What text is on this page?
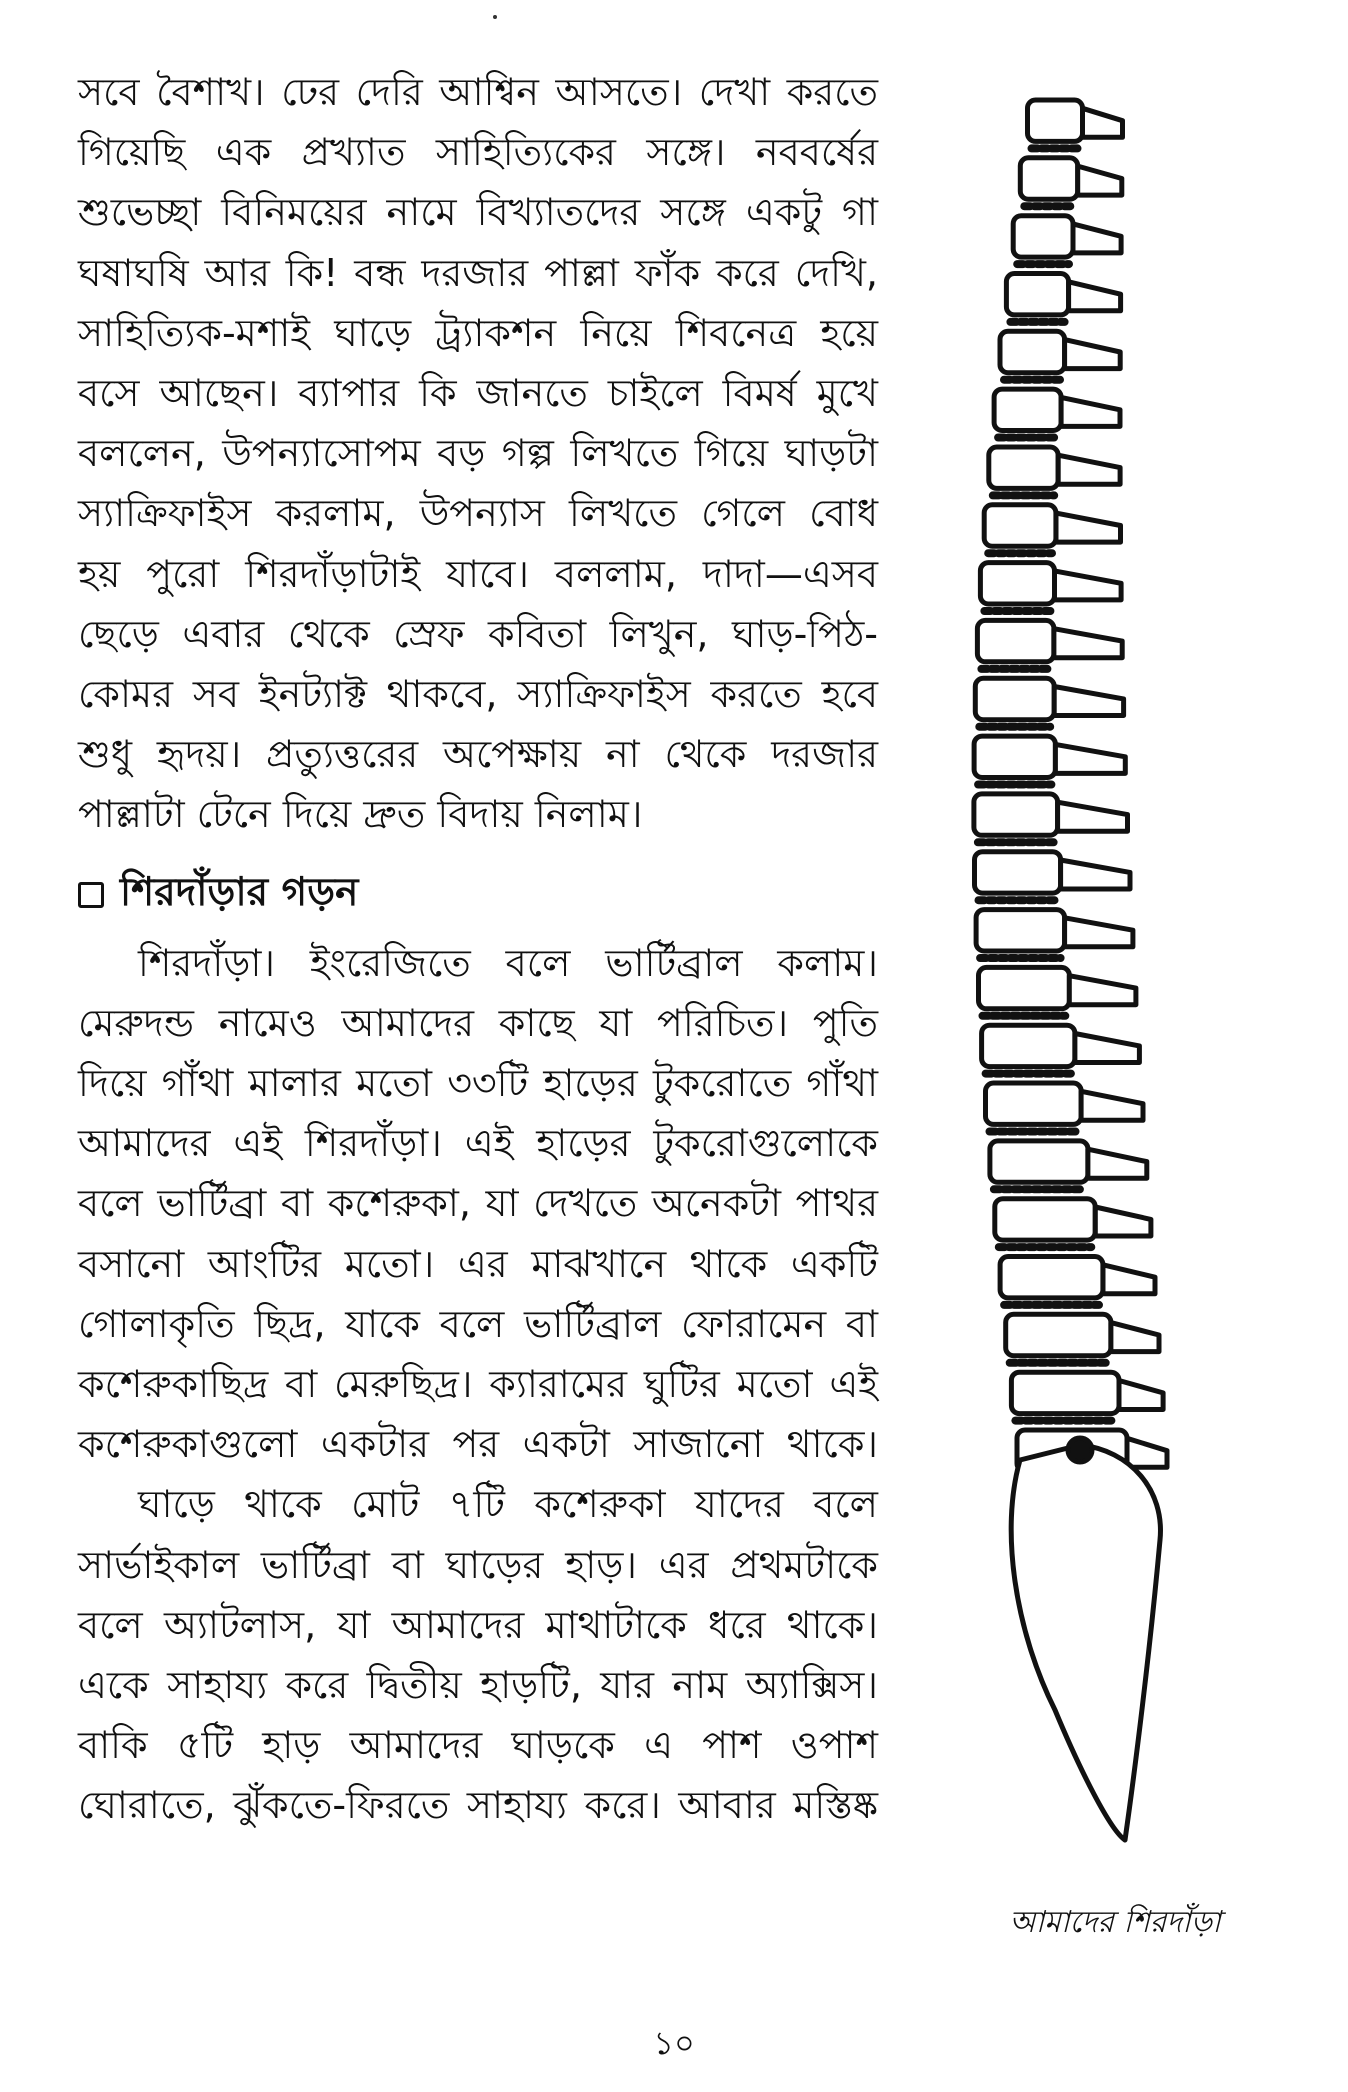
সবে বৈশাখ। ঢের দেরি আশ্বিন আসতে। দেখা করতে

গিয়েছি এক প্রখ্যাত সাহিত্যিকের সঙ্গে। নববর্ষের

শুভেচ্ছা বিনিময়ের নামে বিখ্যাতদের সঙ্গে একটু গা

ঘষাঘষি আর কি! বন্ধ দরজার পাল্লা ফাঁক করে দেখি,

সাহিত্যিক-মশাই ঘাড়ে ট্র্যাকশন নিয়ে শিবনেত্র হয়ে

বসে আছেন। ব্যাপার কি জানতে চাইলে বিমর্ষ মুখে

বললেন, উপন্যাসোপম বড় গল্প লিখতে গিয়ে ঘাড়টা

স্যাক্রিফাইস করলাম, উপন্যাস লিখতে গেলে বোধ

হয় পুরো শিরদাঁড়াটাই যাবে। বললাম, দাদা—এসব

ছেড়ে এবার থেকে স্রেফ কবিতা লিখুন, ঘাড়-পিঠ-

কোমর সব ইনট্যাক্ট থাকবে, স্যাক্রিফাইস করতে হবে

শুধু হৃদয়। প্রত্যুত্তরের অপেক্ষায় না থেকে দরজার

পাল্লাটা টেনে দিয়ে দ্রুত বিদায় নিলাম।

শিরদাঁড়ার গড়ন

শিরদাঁড়া। ইংরেজিতে বলে ভার্টিব্রাল কলাম।

মেরুদন্ড নামেও আমাদের কাছে যা পরিচিত। পুতি

দিয়ে গাঁথা মালার মতো ৩৩টি হাড়ের টুকরোতে গাঁথা

আমাদের এই শিরদাঁড়া। এই হাড়ের টুকরোগুলোকে

বলে ভার্টিব্রা বা কশেরুকা, যা দেখতে অনেকটা পাথর

বসানো আংটির মতো। এর মাঝখানে থাকে একটি

গোলাকৃতি ছিদ্র, যাকে বলে ভার্টিব্রাল ফোরামেন বা

কশেরুকাছিদ্র বা মেরুছিদ্র। ক্যারামের ঘুটির মতো এই

কশেরুকাগুলো একটার পর একটা সাজানো থাকে।

ঘাড়ে থাকে মোট ৭টি কশেরুকা যাদের বলে

সার্ভাইকাল ভার্টিব্রা বা ঘাড়ের হাড়। এর প্রথমটাকে

বলে অ্যাটলাস, যা আমাদের মাথাটাকে ধরে থাকে।

একে সাহায্য করে দ্বিতীয় হাড়টি, যার নাম অ্যাক্সিস।

বাকি ৫টি হাড় আমাদের ঘাড়কে এ পাশ ওপাশ

ঘোরাতে, ঝুঁকতে-ফিরতে সাহায্য করে। আবার মস্তিষ্ক

আমাদের শিরদাঁড়া
১০
